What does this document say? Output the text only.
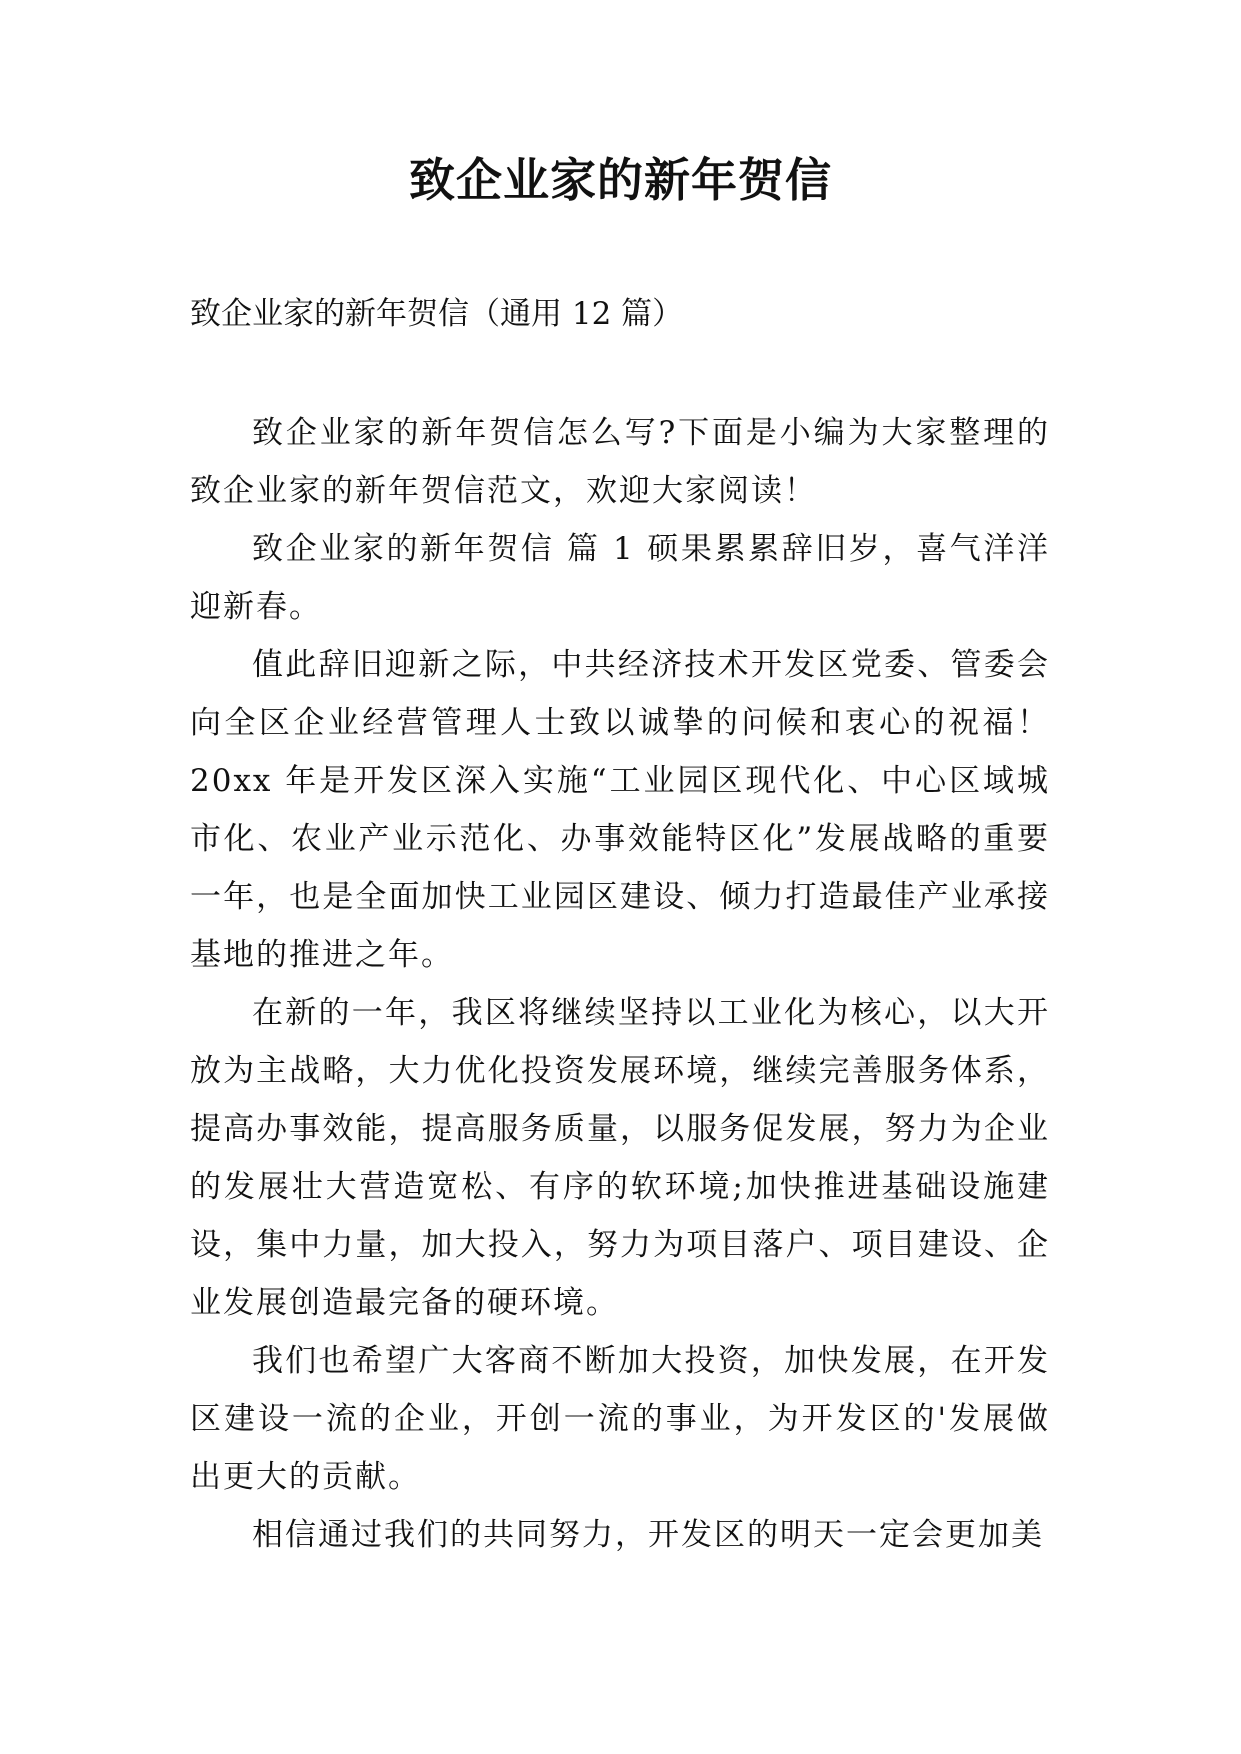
致企业家的新年贺信

致企业家的新年贺信（通用 12 篇）

致企业家的新年贺信怎么写?下面是小编为大家整理的致企业家的新年贺信范文，欢迎大家阅读！

致企业家的新年贺信 篇 1 硕果累累辞旧岁，喜气洋洋迎新春。

值此辞旧迎新之际，中共经济技术开发区党委、管委会向全区企业经营管理人士致以诚挚的问候和衷心的祝福！20xx 年是开发区深入实施“工业园区现代化、中心区域城市化、农业产业示范化、办事效能特区化”发展战略的重要一年，也是全面加快工业园区建设、倾力打造最佳产业承接基地的推进之年。

在新的一年，我区将继续坚持以工业化为核心，以大开放为主战略，大力优化投资发展环境，继续完善服务体系，提高办事效能，提高服务质量，以服务促发展，努力为企业的发展壮大营造宽松、有序的软环境;加快推进基础设施建设，集中力量，加大投入，努力为项目落户、项目建设、企业发展创造最完备的硬环境。

我们也希望广大客商不断加大投资，加快发展，在开发区建设一流的企业，开创一流的事业，为开发区的'发展做出更大的贡献。

相信通过我们的共同努力，开发区的明天一定会更加美
